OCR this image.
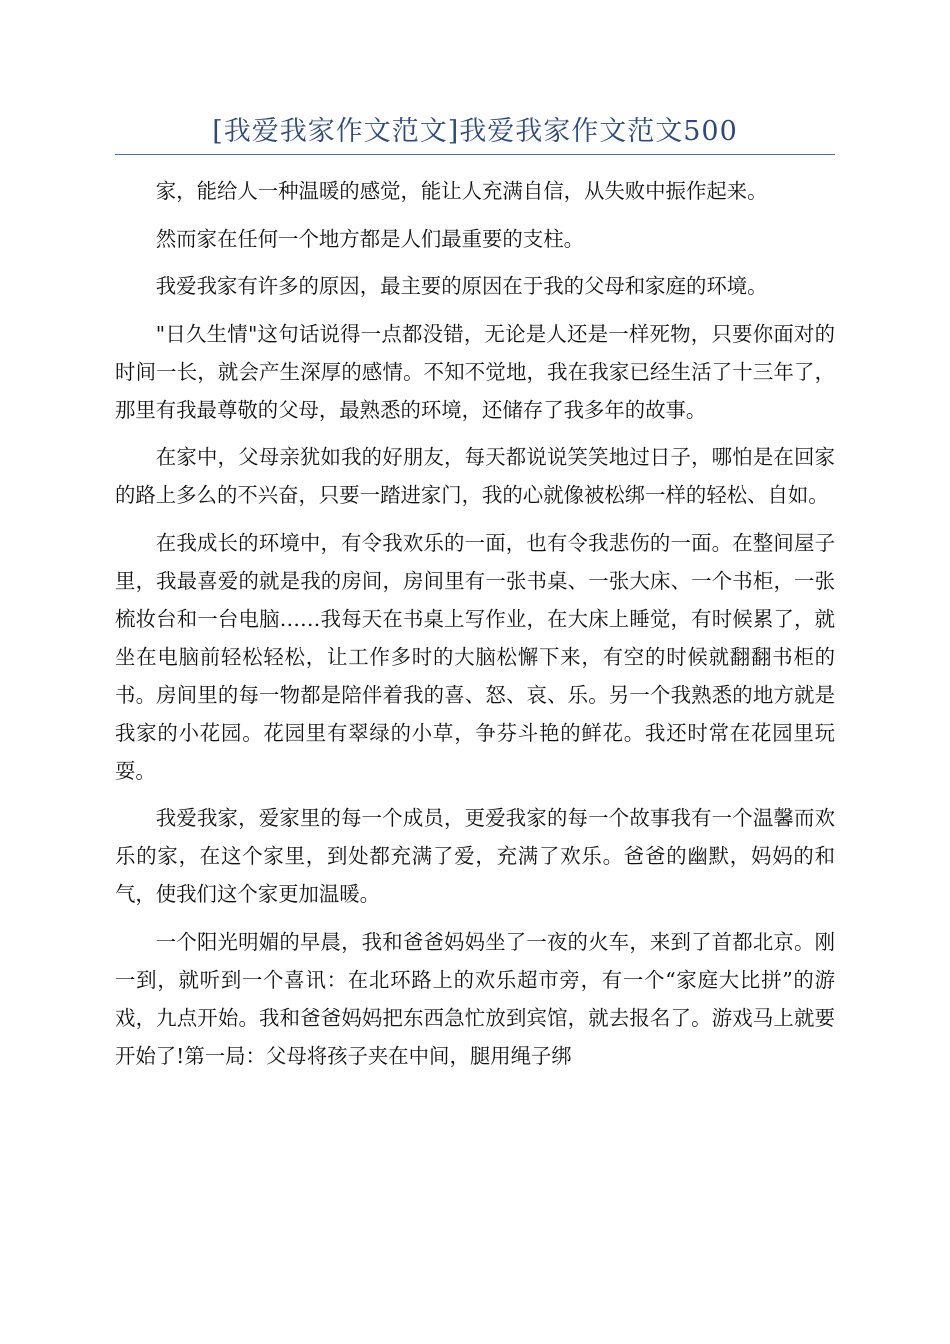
[我爱我家作文范文]我爱我家作文范文500

家，能给人一种温暖的感觉，能让人充满自信，从失败中振作起来。

然而家在任何一个地方都是人们最重要的支柱。

我爱我家有许多的原因，最主要的原因在于我的父母和家庭的环境。

"日久生情"这句话说得一点都没错，无论是人还是一样死物，只要你面对的时间一长，就会产生深厚的感情。不知不觉地，我在我家已经生活了十三年了，那里有我最尊敬的父母，最熟悉的环境，还储存了我多年的故事。

在家中，父母亲犹如我的好朋友，每天都说说笑笑地过日子，哪怕是在回家的路上多么的不兴奋，只要一踏进家门，我的心就像被松绑一样的轻松、自如。

在我成长的环境中，有令我欢乐的一面，也有令我悲伤的一面。在整间屋子里，我最喜爱的就是我的房间，房间里有一张书桌、一张大床、一个书柜，一张梳妆台和一台电脑……我每天在书桌上写作业，在大床上睡觉，有时候累了，就坐在电脑前轻松轻松，让工作多时的大脑松懈下来，有空的时候就翻翻书柜的书。房间里的每一物都是陪伴着我的喜、怒、哀、乐。另一个我熟悉的地方就是我家的小花园。花园里有翠绿的小草，争芬斗艳的鲜花。我还时常在花园里玩耍。

我爱我家，爱家里的每一个成员，更爱我家的每一个故事我有一个温馨而欢乐的家，在这个家里，到处都充满了爱，充满了欢乐。爸爸的幽默，妈妈的和气，使我们这个家更加温暖。

一个阳光明媚的早晨，我和爸爸妈妈坐了一夜的火车，来到了首都北京。刚一到，就听到一个喜讯：在北环路上的欢乐超市旁，有一个“家庭大比拼”的游戏，九点开始。我和爸爸妈妈把东西急忙放到宾馆，就去报名了。游戏马上就要开始了!第一局：父母将孩子夹在中间，腿用绳子绑
